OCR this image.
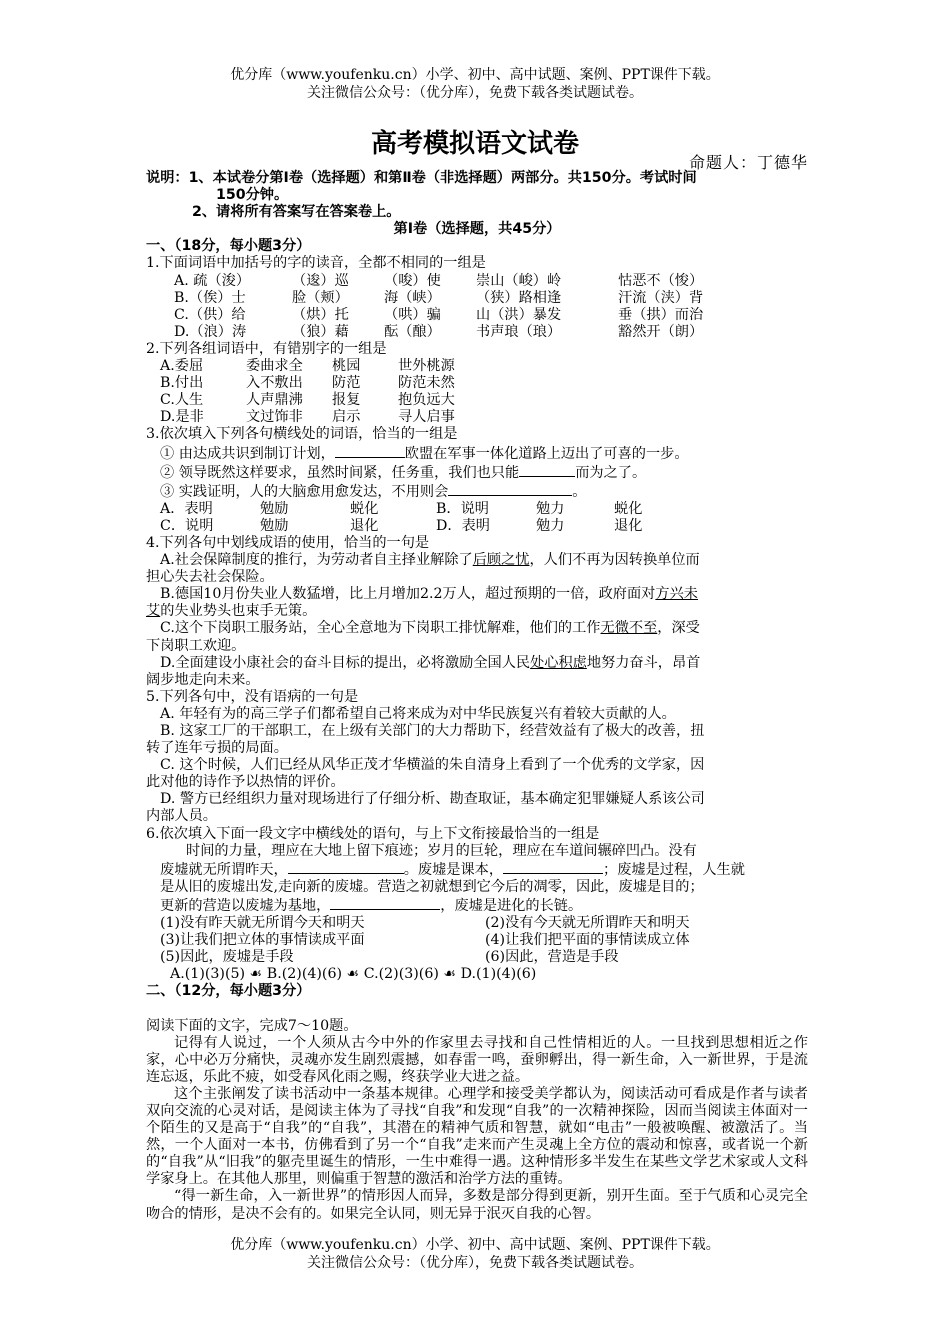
优分库（www.youfenku.cn）小学、初中、高中试题、案例、PPT课件下载。
关注微信公众号：（优分库），免费下载各类试题试卷。
高考模拟语文试卷
命题人：丁德华

说明：1、本试卷分第Ⅰ卷（选择题）和第Ⅱ卷（非选择题）两部分。共150分。考试时间

150分钟。

2、请将所有答案写在答案卷上。

第Ⅰ卷（选择题，共45分）

一、（18分，每小题3分）

1.下面词语中加括号的字的读音，全都不相同的一组是

A. 疏（浚）	（逡）巡	（唆）使	崇山（峻）岭	怙恶不（悛）
B.（俟）士	脸（颊）	海（峡）	（狭）路相逢	汗流（浃）背
C.（供）给	（烘）托	（哄）骗	山（洪）暴发	垂（拱）而治
D.（浪）涛	（狼）藉	酝（酿）	书声琅（琅）	豁然开（朗）

2.下列各组词语中，有错别字的一组是

A.委屈	委曲求全	桃园	世外桃源
B.付出	入不敷出	防范	防范未然
C.人生	人声鼎沸	报复	抱负远大
D.是非	文过饰非	启示	寻人启事

3.依次填入下列各句横线处的词语，恰当的一组是

① 由达成共识到制订计划，	欧盟在军事一体化道路上迈出了可喜的一步。

② 领导既然这样要求，虽然时间紧，任务重，我们也只能	而为之了。

③ 实践证明，人的大脑愈用愈发达，不用则会	。

A．表明	勉励	蜕化	B．说明	勉力	蜕化
C．说明	勉励	退化	D．表明	勉力	退化

4.下列各句中划线成语的使用，恰当的一句是

A.社会保障制度的推行，为劳动者自主择业解除了后顾之忧，人们不再为因转换单位而

担心失去社会保险。

B.德国10月份失业人数猛增，比上月增加2.2万人，超过预期的一倍，政府面对方兴未

艾的失业势头也束手无策。

C.这个下岗职工服务站，全心全意地为下岗职工排忧解难，他们的工作无微不至，深受

下岗职工欢迎。

D.全面建设小康社会的奋斗目标的提出，必将激励全国人民处心积虑地努力奋斗，昂首

阔步地走向未来。

5.下列各句中，没有语病的一句是

A. 年轻有为的高三学子们都希望自己将来成为对中华民族复兴有着较大贡献的人。

B. 这家工厂的干部职工，在上级有关部门的大力帮助下，经营效益有了极大的改善，扭

转了连年亏损的局面。

C. 这个时候，人们已经从风华正茂才华横溢的朱自清身上看到了一个优秀的文学家，因

此对他的诗作予以热情的评价。

D. 警方已经组织力量对现场进行了仔细分析、勘查取证，基本确定犯罪嫌疑人系该公司

内部人员。

6.依次填入下面一段文字中横线处的语句，与上下文衔接最恰当的一组是

时间的力量，理应在大地上留下痕迹；岁月的巨轮，理应在车道间辗碎凹凸。没有

废墟就无所谓昨天，	。废墟是课本，	；废墟是过程，人生就

是从旧的废墟出发,走向新的废墟。营造之初就想到它今后的凋零，因此，废墟是目的；

更新的营造以废墟为基地，	，废墟是进化的长链。

(1)没有昨天就无所谓今天和明天	(2)没有今天就无所谓昨天和明天
(3)让我们把立体的事情读成平面	(4)让我们把平面的事情读成立体
(5)因此，废墟是手段	(6)因此，营造是手段

A.(1)(3)(5) ☙ B.(2)(4)(6) ☙ C.(2)(3)(6) ☙ D.(1)(4)(6)

二、（12分，每小题3分）

阅读下面的文字，完成7～10题。

记得有人说过，一个人须从古今中外的作家里去寻找和自己性情相近的人。一旦找到思想相近之作家，心中必万分痛快，灵魂亦发生剧烈震撼，如春雷一鸣，蚕卵孵出，得一新生命，入一新世界，于是流连忘返，乐此不疲，如受春风化雨之赐，终获学业大进之益。

这个主张阐发了读书活动中一条基本规律。心理学和接受美学都认为，阅读活动可看成是作者与读者双向交流的心灵对话，是阅读主体为了寻找“自我”和发现“自我”的一次精神探险，因而当阅读主体面对一个陌生的又是高于“自我”的“自我”，其潜在的精神气质和智慧，就如“电击”一般被唤醒、被激活了。当然，一个人面对一本书，仿佛看到了另一个“自我”走来而产生灵魂上全方位的震动和惊喜，或者说一个新的“自我”从“旧我”的躯壳里诞生的情形，一生中难得一遇。这种情形多半发生在某些文学艺术家或人文科学家身上。在其他人那里，则偏重于智慧的激活和治学方法的重铸。

“得一新生命，入一新世界”的情形因人而异，多数是部分得到更新，别开生面。至于气质和心灵完全吻合的情形，是决不会有的。如果完全认同，则无异于泯灭自我的心智。

优分库（www.youfenku.cn）小学、初中、高中试题、案例、PPT课件下载。
关注微信公众号：（优分库），免费下载各类试题试卷。
